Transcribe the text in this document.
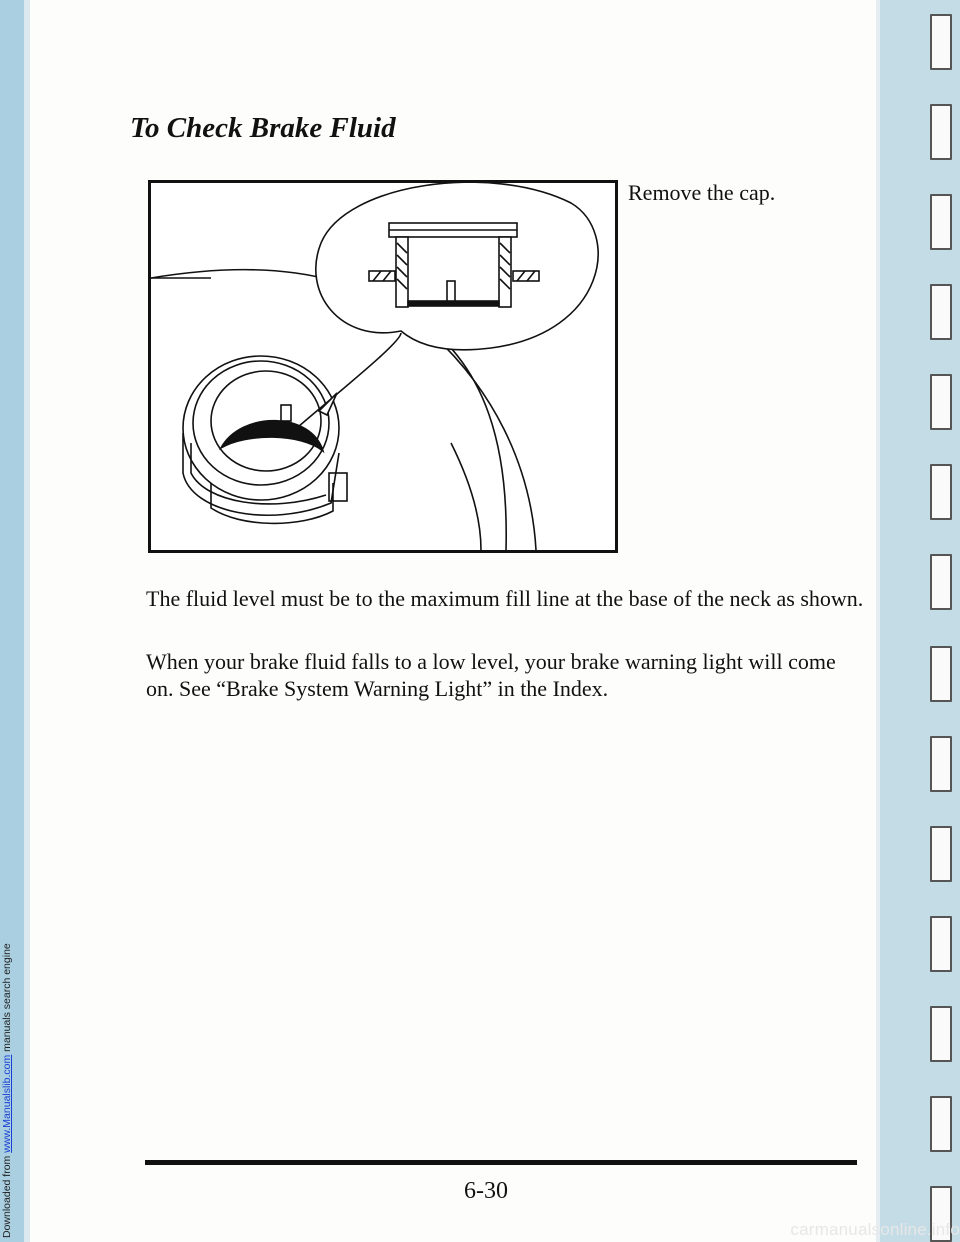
Downloaded from www.Manualslib.com manuals search engine
carmanualsonline.info
To Check Brake Fluid
Remove the cap.
The fluid level must be to the maximum fill line at the base of the neck as shown.
When your brake fluid falls to a low level, your brake warning light will come on. See “Brake System Warning Light” in the Index.
6-30
